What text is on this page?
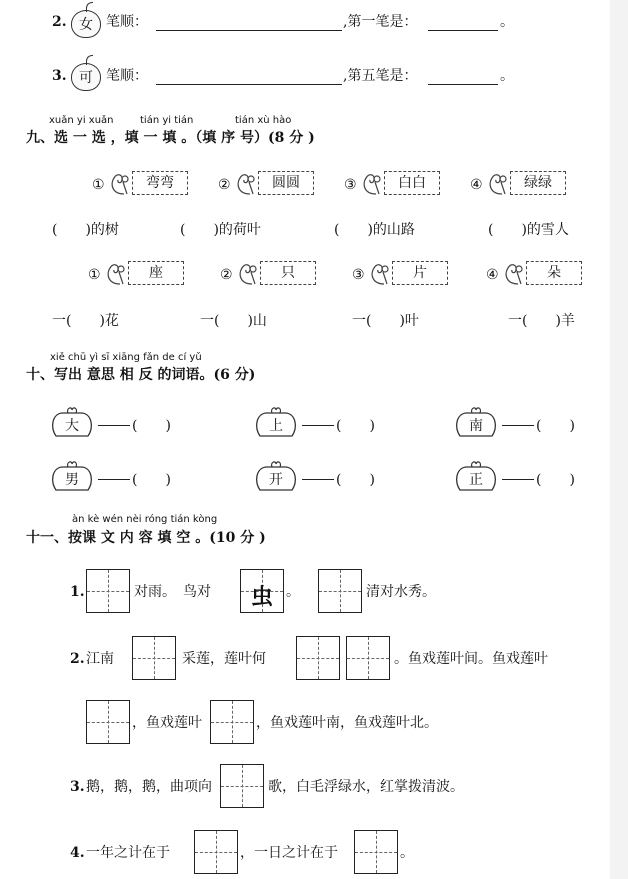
2. 女 笔顺：	,第一笔是：	。
3. 可 笔顺：	,第五笔是：	。
xuǎn yi xuǎn	tián yi tián	tián xù hào
九、选 一 选 ，填 一 填 。（填 序 号）(8 分 )
①	弯弯	②	圆圆	③	白白	④	绿绿
(　　)的树	(　　)的荷叶	(　　)的山路	(　　)的雪人
①	座	②	只	③	片	④	朵
一(　　)花	一(　　)山	一(　　)叶	一(　　)羊
xiě chū yì sī xiāng fǎn de cí yǔ
十、写出 意思 相 反 的词语。(6 分)
大	(　　)	上	(　　)	南	(　　)
男	(　　)	开	(　　)	正	(　　)
àn kè wén nèi róng tián kòng
十一、按课 文 内 容 填 空 。(10 分 )
1.	对雨。　鸟对	虫 。	清对水秀。
2. 江南	采莲，莲叶何	。鱼戏莲叶间。鱼戏莲叶
，鱼戏莲叶	，鱼戏莲叶南，鱼戏莲叶北。
3. 鹅，鹅，鹅，曲项向	歌，白毛浮绿水，红掌拨清波。
4. 一年之计在于	，一日之计在于	。
